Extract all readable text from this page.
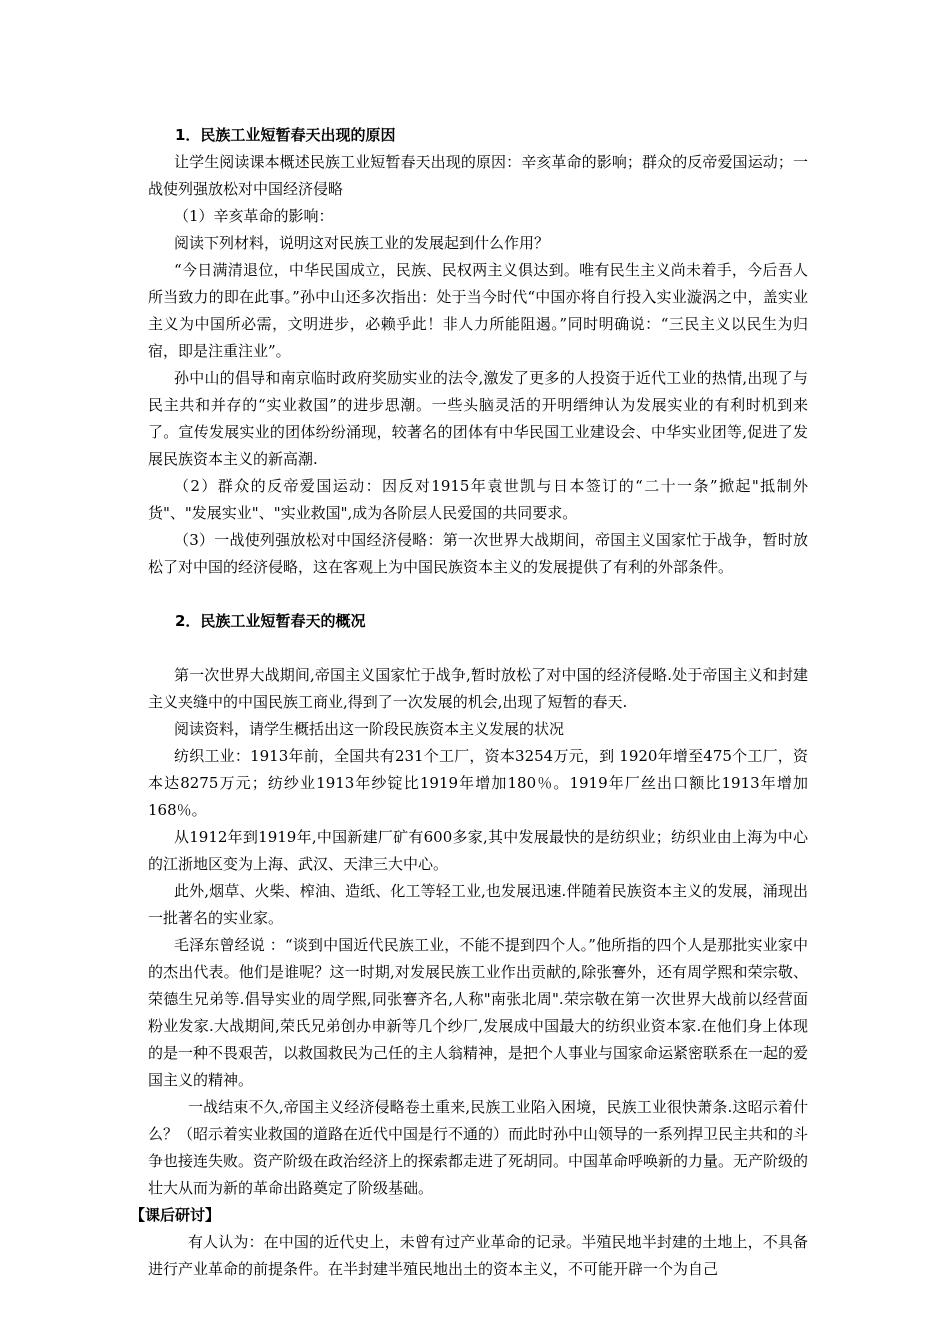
1．民族工业短暂春天出现的原因

让学生阅读课本概述民族工业短暂春天出现的原因：辛亥革命的影响；群众的反帝爱国运动；一战使列强放松对中国经济侵略

（1）辛亥革命的影响：

阅读下列材料，说明这对民族工业的发展起到什么作用？

“今日满清退位，中华民国成立，民族、民权两主义俱达到。唯有民生主义尚未着手，今后吾人所当致力的即在此事。”孙中山还多次指出：处于当今时代“中国亦将自行投入实业漩涡之中，盖实业主义为中国所必需，文明进步，必赖乎此！非人力所能阻遏。”同时明确说：“三民主义以民生为归宿，即是注重注业”。

孙中山的倡导和南京临时政府奖励实业的法令,激发了更多的人投资于近代工业的热情,出现了与民主共和并存的“实业救国”的进步思潮。一些头脑灵活的开明缙绅认为发展实业的有利时机到来了。宣传发展实业的团体纷纷涌现，较著名的团体有中华民国工业建设会、中华实业团等,促进了发展民族资本主义的新高潮.

（2）群众的反帝爱国运动：因反对1915年袁世凯与日本签订的“二十一条”掀起"抵制外货"、"发展实业"、"实业救国",成为各阶层人民爱国的共同要求。

（3）一战使列强放松对中国经济侵略：第一次世界大战期间，帝国主义国家忙于战争，暂时放松了对中国的经济侵略，这在客观上为中国民族资本主义的发展提供了有利的外部条件。

2．民族工业短暂春天的概况

第一次世界大战期间,帝国主义国家忙于战争,暂时放松了对中国的经济侵略.处于帝国主义和封建主义夹缝中的中国民族工商业,得到了一次发展的机会,出现了短暂的春天.

阅读资料，请学生概括出这一阶段民族资本主义发展的状况

纺织工业：1913年前，全国共有231个工厂，资本3254万元，到 1920年增至475个工厂，资本达8275万元；纺纱业1913年纱锭比1919年增加180％。1919年厂丝出口额比1913年增加168％。

从1912年到1919年,中国新建厂矿有600多家,其中发展最快的是纺织业；纺织业由上海为中心的江浙地区变为上海、武汉、天津三大中心。

此外,烟草、火柴、榨油、造纸、化工等轻工业,也发展迅速.伴随着民族资本主义的发展，涌现出一批著名的实业家。

毛泽东曾经说 ：“谈到中国近代民族工业，不能不提到四个人。”他所指的四个人是那批实业家中的杰出代表。他们是谁呢？这一时期,对发展民族工业作出贡献的,除张謇外，还有周学熙和荣宗敬、荣德生兄弟等.倡导实业的周学熙,同张謇齐名,人称"南张北周".荣宗敬在第一次世界大战前以经营面粉业发家.大战期间,荣氏兄弟创办申新等几个纱厂,发展成中国最大的纺织业资本家.在他们身上体现的是一种不畏艰苦，以救国救民为己任的主人翁精神，是把个人事业与国家命运紧密联系在一起的爱国主义的精神。

一战结束不久,帝国主义经济侵略卷土重来,民族工业陷入困境，民族工业很快萧条.这昭示着什么？（昭示着实业救国的道路在近代中国是行不通的）而此时孙中山领导的一系列捍卫民主共和的斗争也接连失败。资产阶级在政治经济上的探索都走进了死胡同。中国革命呼唤新的力量。无产阶级的壮大从而为新的革命出路奠定了阶级基础。

【课后研讨】

有人认为：在中国的近代史上，未曾有过产业革命的记录。半殖民地半封建的土地上，不具备进行产业革命的前提条件。在半封建半殖民地出土的资本主义，不可能开辟一个为自己
